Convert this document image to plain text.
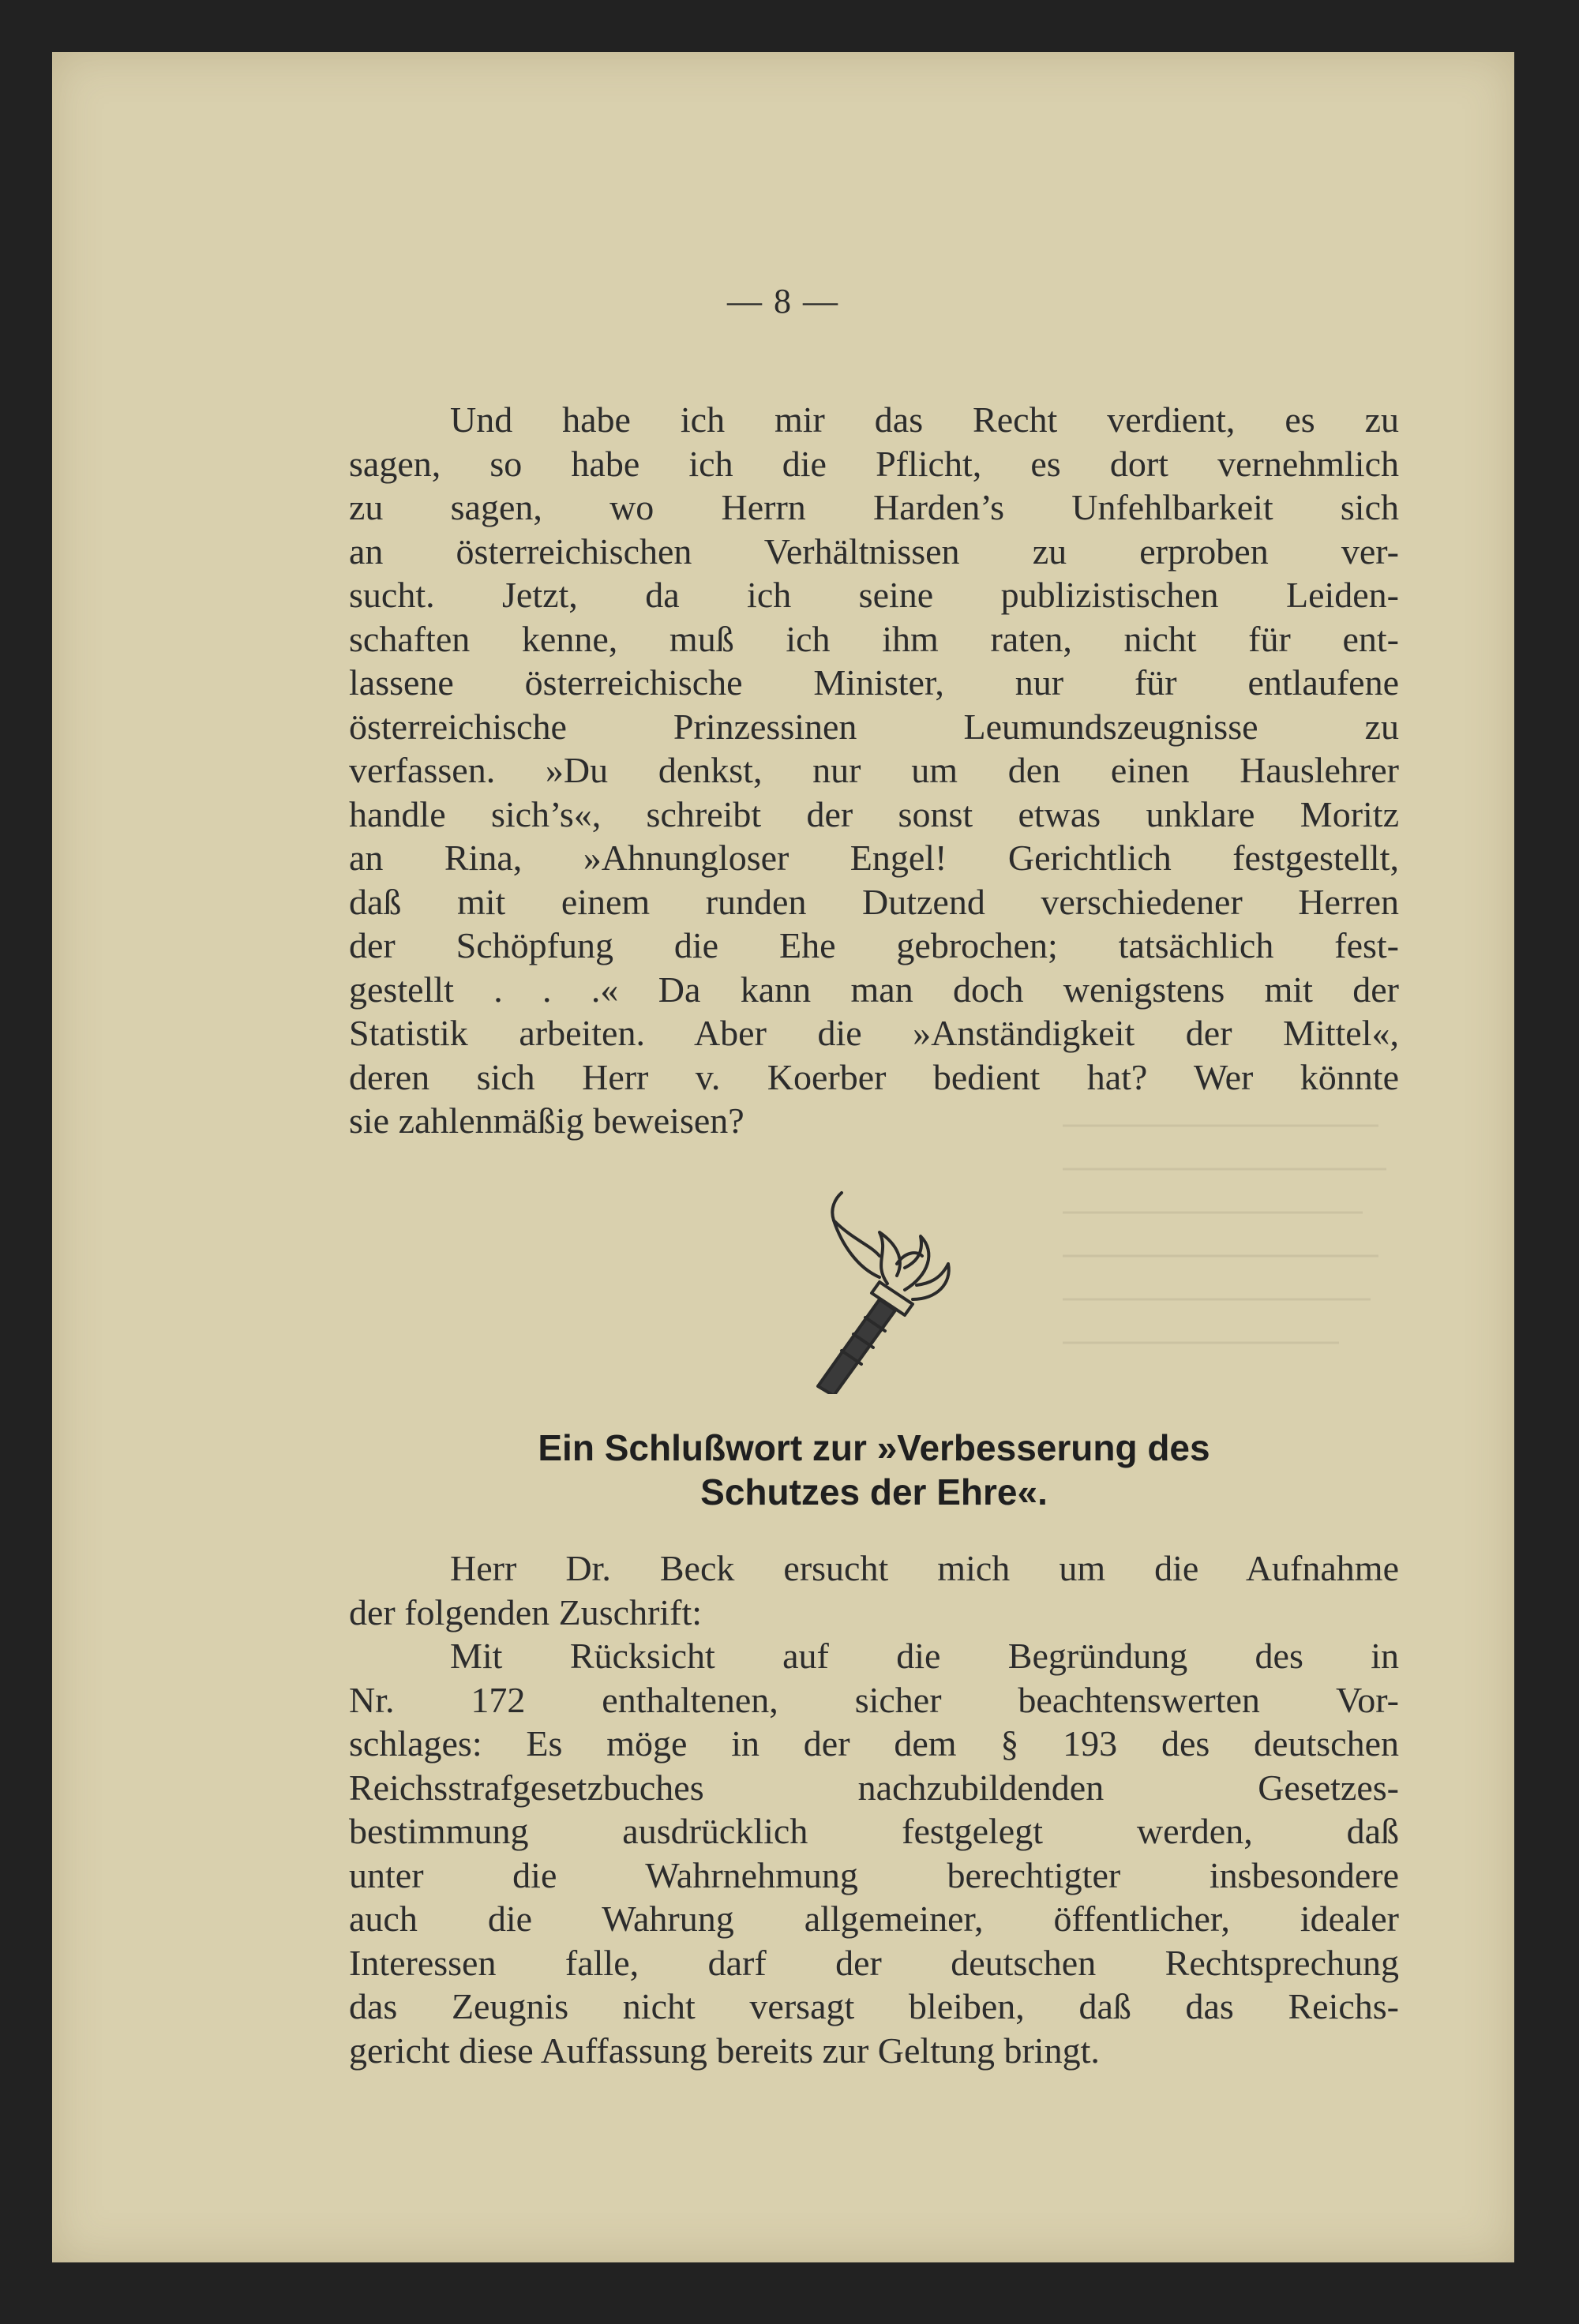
— 8 —
Und habe ich mir das Recht verdient, es zu
sagen, so habe ich die Pflicht, es dort vernehmlich
zu sagen, wo Herrn Harden’s Unfehlbarkeit sich
an österreichischen Verhältnissen zu erproben ver-
sucht. Jetzt, da ich seine publizistischen Leiden-
schaften kenne, muß ich ihm raten, nicht für ent-
lassene österreichische Minister, nur für entlaufene
österreichische Prinzessinen Leumundszeugnisse zu
verfassen. »Du denkst, nur um den einen Hauslehrer
handle sich’s«, schreibt der sonst etwas unklare Moritz
an Rina, »Ahnungloser Engel! Gerichtlich festgestellt,
daß mit einem runden Dutzend verschiedener Herren
der Schöpfung die Ehe gebrochen; tatsächlich fest-
gestellt . . .« Da kann man doch wenigstens mit der
Statistik arbeiten. Aber die »Anständigkeit der Mittel«,
deren sich Herr v. Koerber bedient hat? Wer könnte
sie zahlenmäßig beweisen?
Ein Schlußwort zur »Verbesserung des
Schutzes der Ehre«.
Herr Dr. Beck ersucht mich um die Aufnahme
der folgenden Zuschrift:
Mit Rücksicht auf die Begründung des in
Nr. 172 enthaltenen, sicher beachtenswerten Vor-
schlages: Es möge in der dem § 193 des deutschen
Reichsstrafgesetzbuches nachzubildenden Gesetzes-
bestimmung ausdrücklich festgelegt werden, daß
unter die Wahrnehmung berechtigter insbesondere
auch die Wahrung allgemeiner, öffentlicher, idealer
Interessen falle, darf der deutschen Rechtsprechung
das Zeugnis nicht versagt bleiben, daß das Reichs-
gericht diese Auffassung bereits zur Geltung bringt.
